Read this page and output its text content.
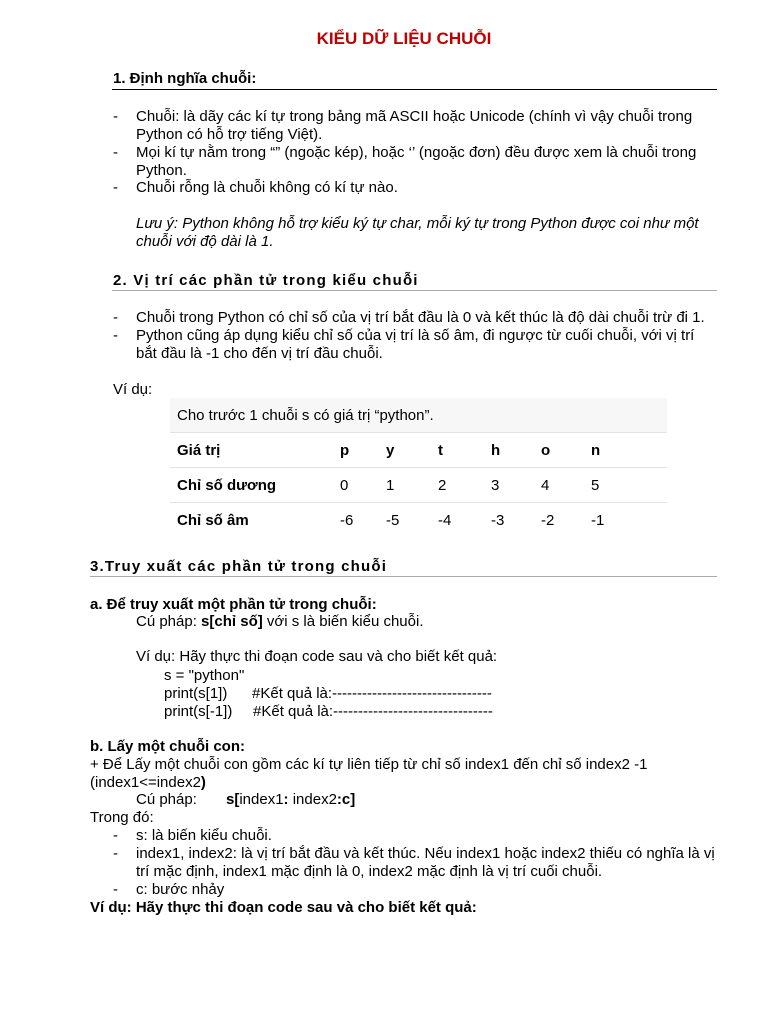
KIỂU DỮ LIỆU CHUỖI
1. Định nghĩa chuỗi:
- Chuỗi: là dãy các kí tự trong bảng mã ASCII hoặc Unicode (chính vì vậy chuỗi trong
Python có hỗ trợ tiếng Việt).
- Mọi kí tự nằm trong “” (ngoặc kép), hoặc ‘’ (ngoặc đơn) đều được xem là chuỗi trong
Python.
- Chuỗi rỗng là chuỗi không có kí tự nào.
Lưu ý: Python không hỗ trợ kiểu ký tự char, mỗi ký tự trong Python được coi như một
chuỗi với độ dài là 1.
2. Vị trí các phần tử trong kiểu chuỗi
- Chuỗi trong Python có chỉ số của vị trí bắt đầu là 0 và kết thúc là độ dài chuỗi trừ đi 1.
- Python cũng áp dụng kiểu chỉ số của vị trí là số âm, đi ngược từ cuối chuỗi, với vị trí
bắt đầu là -1 cho đến vị trí đầu chuỗi.
Ví dụ:
Cho trước 1 chuỗi s có giá trị “python”.						
Giá trị	p	y	t	h	o	n
Chỉ số dương	0	1	2	3	4	5
Chỉ số âm	-6	-5	-4	-3	-2	-1
3.Truy xuất các phần tử trong chuỗi
a. Để truy xuất một phần tử trong chuỗi:
Cú pháp: s[chỉ số] với s là biến kiểu chuỗi.
Ví dụ: Hãy thực thi đoạn code sau và cho biết kết quả:
s = "python"
print(s[1]) #Kết quả là:--------------------------------
print(s[-1]) #Kết quả là:--------------------------------
b. Lấy một chuỗi con:
+ Để Lấy một chuỗi con gồm các kí tự liên tiếp từ chỉ số index1 đến chỉ số index2 -1
(index1<=index2)
Cú pháp: s[index1: index2:c]
Trong đó:
- s: là biến kiểu chuỗi.
- index1, index2: là vị trí bắt đầu và kết thúc. Nếu index1 hoặc index2 thiếu có nghĩa là vị
trí mặc định, index1 mặc định là 0, index2 mặc định là vị trí cuối chuỗi.
- c: bước nhảy
Ví dụ: Hãy thực thi đoạn code sau và cho biết kết quả:
